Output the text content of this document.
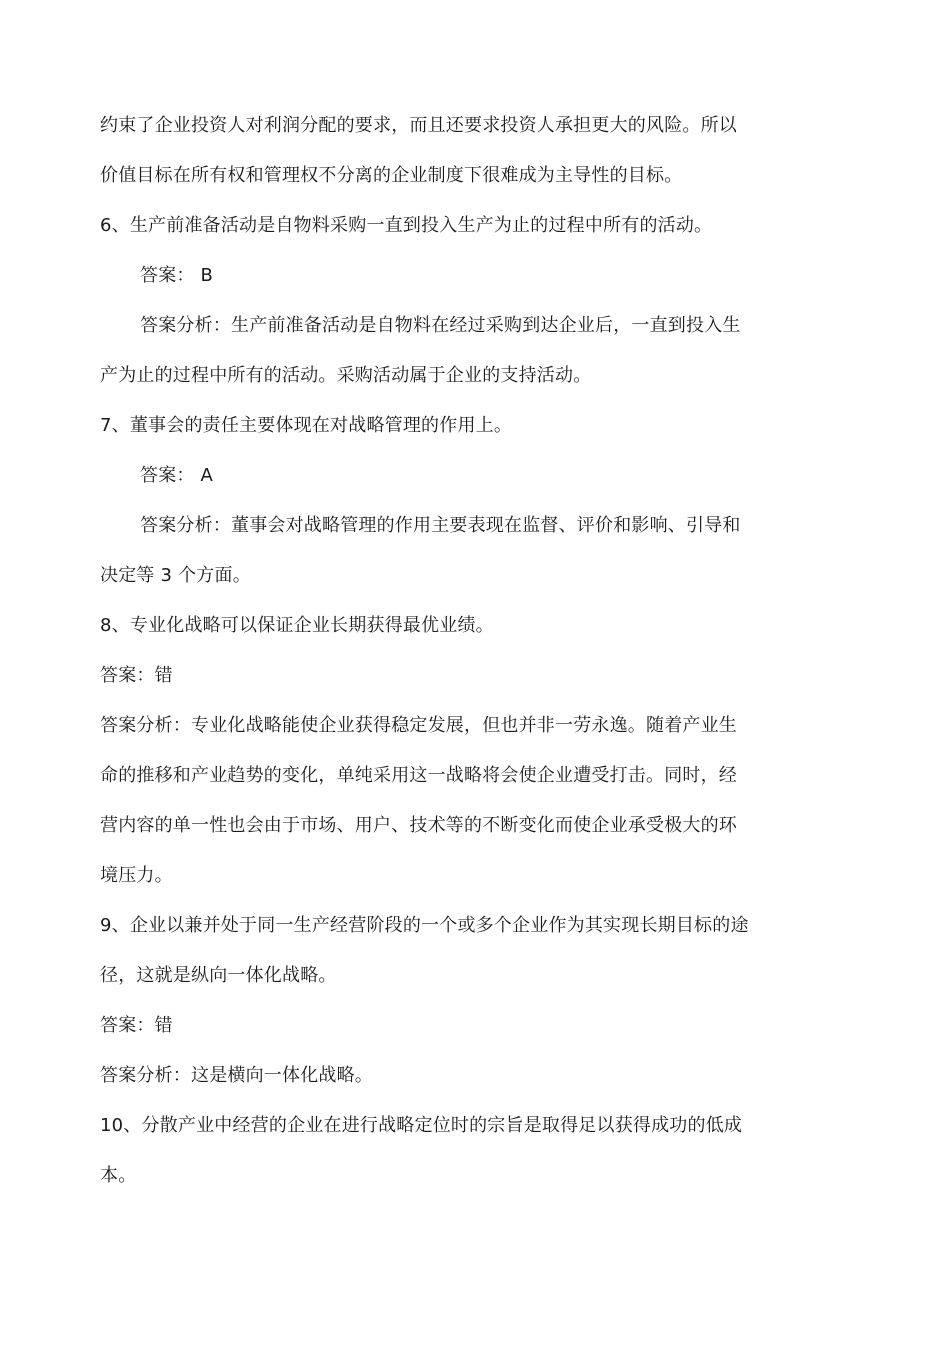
约束了企业投资人对利润分配的要求，而且还要求投资人承担更大的风险。所以
价值目标在所有权和管理权不分离的企业制度下很难成为主导性的目标。
6、生产前准备活动是自物料采购一直到投入生产为止的过程中所有的活动。
答案： B
答案分析：生产前准备活动是自物料在经过采购到达企业后，一直到投入生
产为止的过程中所有的活动。采购活动属于企业的支持活动。
7、董事会的责任主要体现在对战略管理的作用上。
答案： A
答案分析：董事会对战略管理的作用主要表现在监督、评价和影响、引导和
决定等 3 个方面。
8、专业化战略可以保证企业长期获得最优业绩。
答案：错
答案分析：专业化战略能使企业获得稳定发展，但也并非一劳永逸。随着产业生
命的推移和产业趋势的变化，单纯采用这一战略将会使企业遭受打击。同时，经
营内容的单一性也会由于市场、用户、技术等的不断变化而使企业承受极大的环
境压力。
9、企业以兼并处于同一生产经营阶段的一个或多个企业作为其实现长期目标的途
径，这就是纵向一体化战略。
答案：错
答案分析：这是横向一体化战略。
10、分散产业中经营的企业在进行战略定位时的宗旨是取得足以获得成功的低成
本。
